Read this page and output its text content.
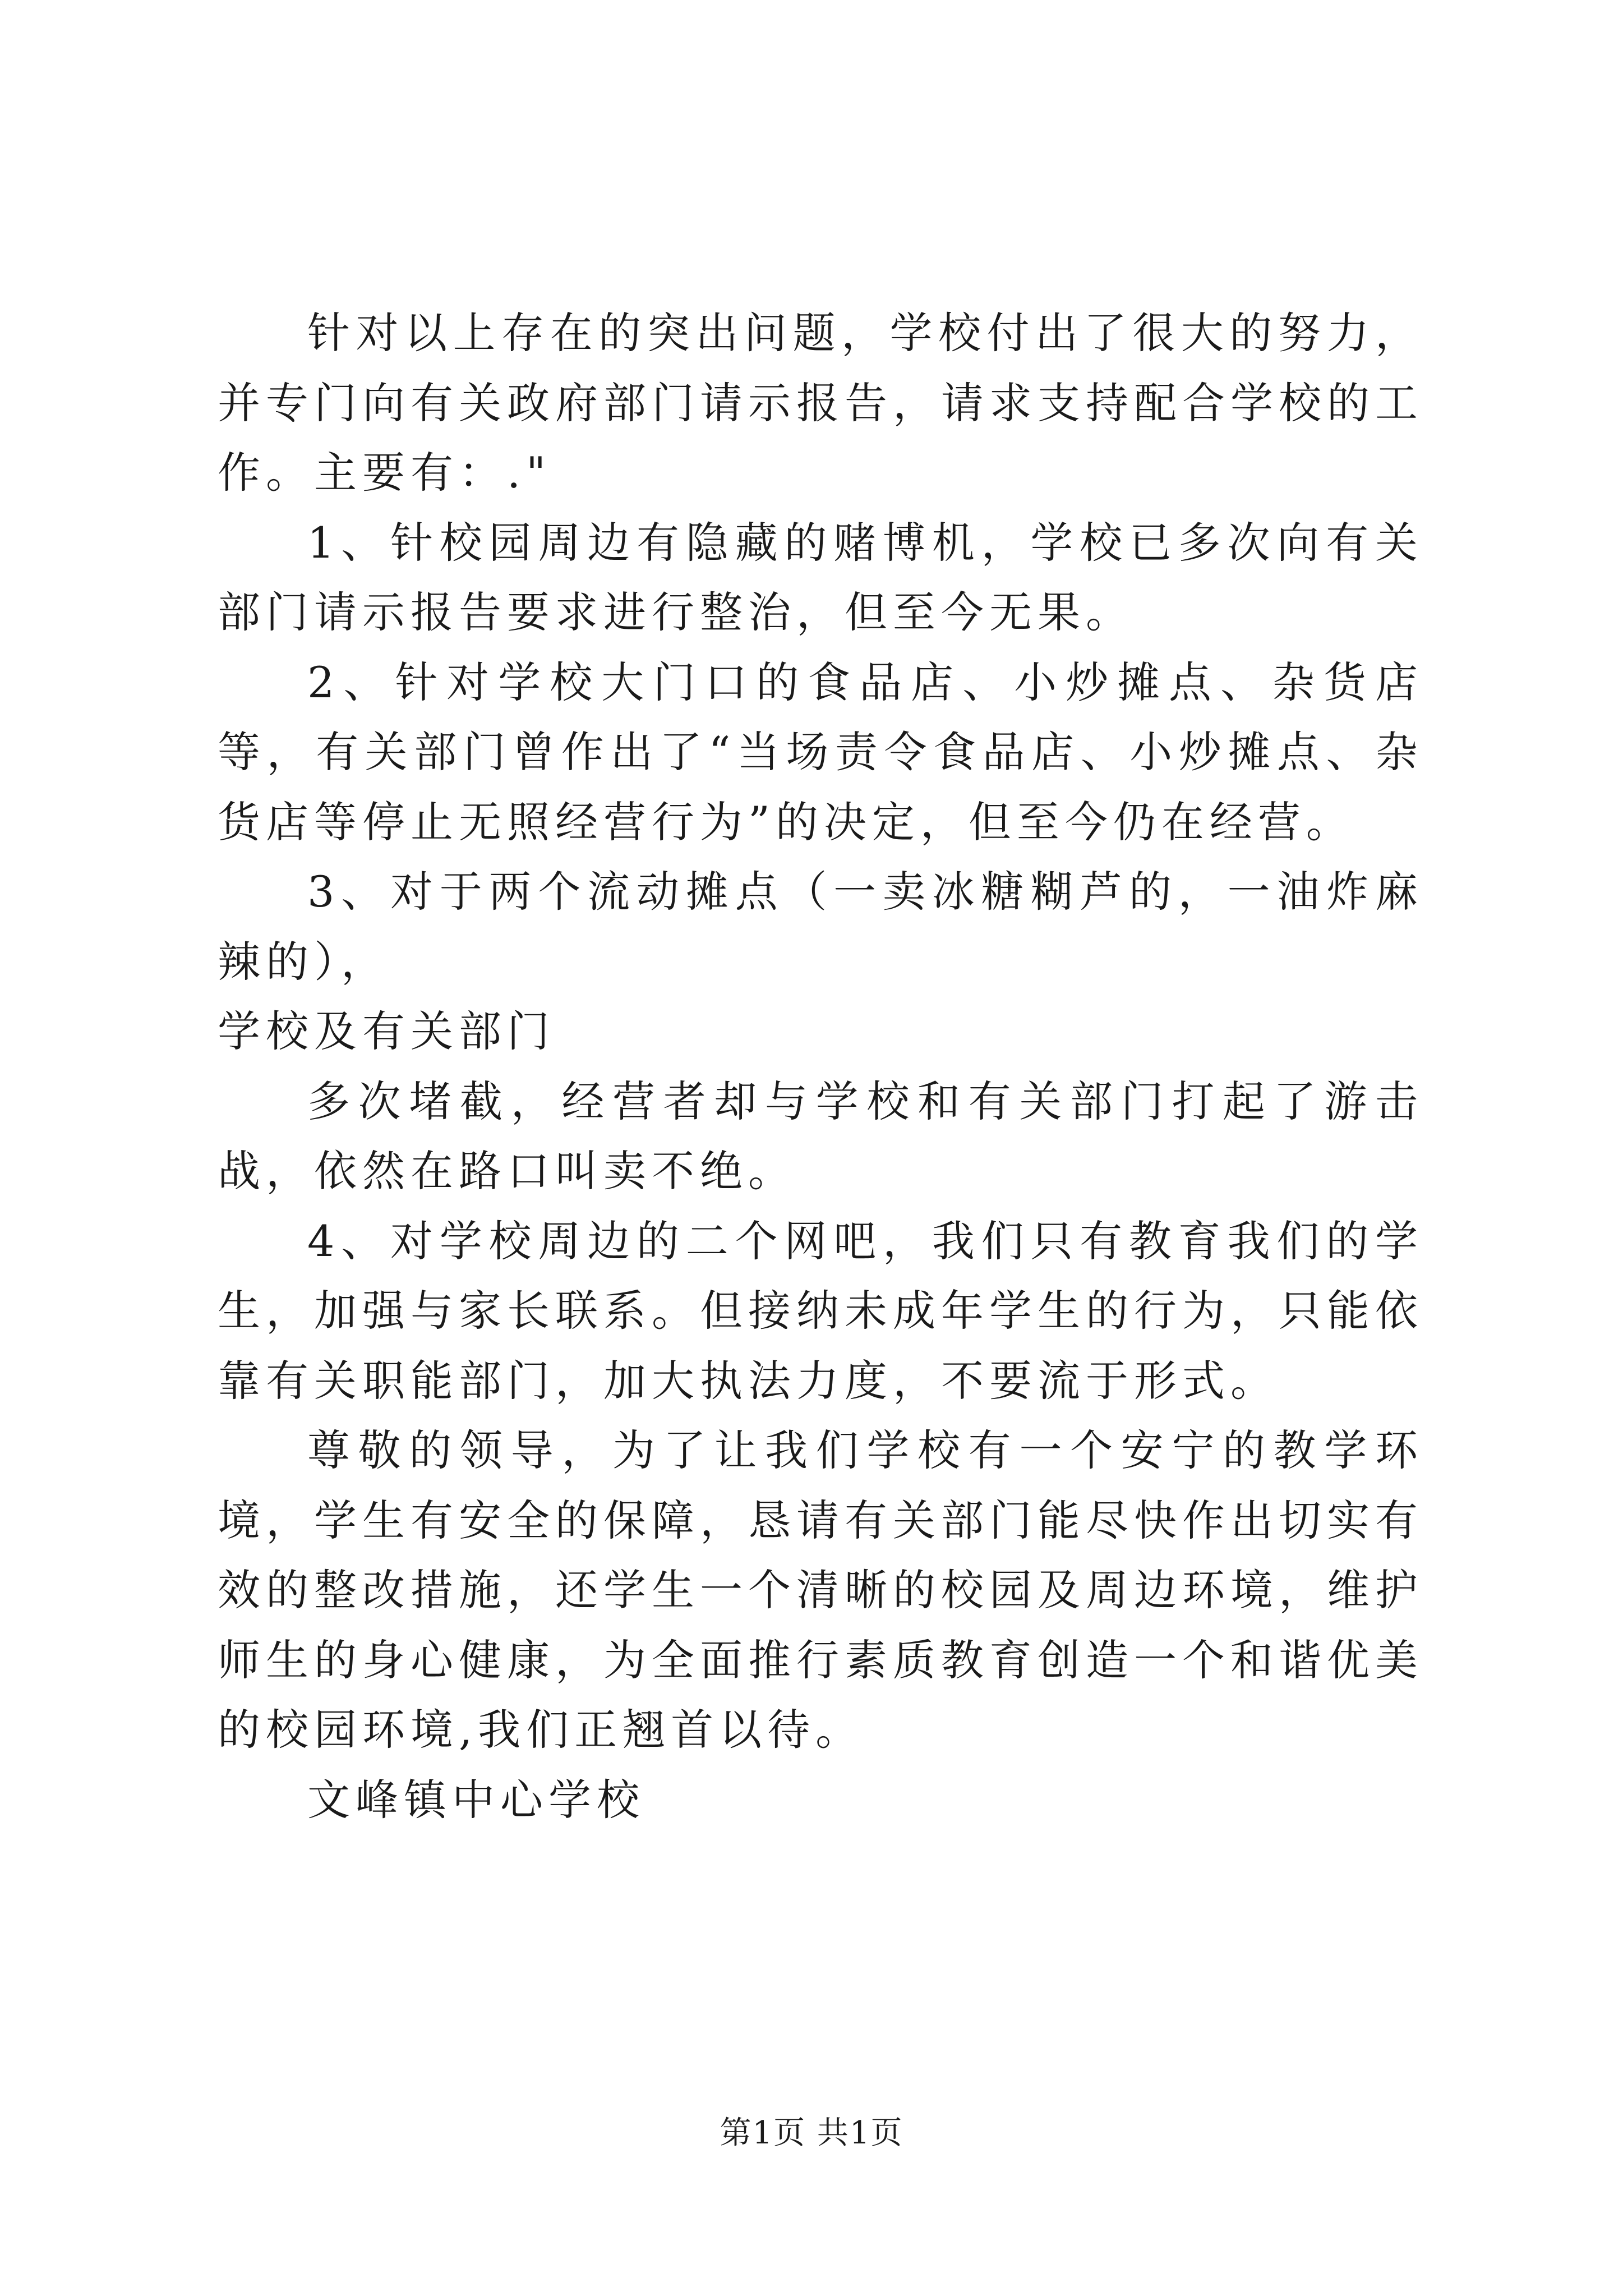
针对以上存在的突出问题，学校付出了很大的努力，并专门向有关政府部门请示报告，请求支持配合学校的工作。主要有：."

1、针校园周边有隐藏的赌博机，学校已多次向有关部门请示报告要求进行整治，但至今无果。

2、针对学校大门口的食品店、小炒摊点、杂货店等，有关部门曾作出了“当场责令食品店、小炒摊点、杂货店等停止无照经营行为”的决定，但至今仍在经营。

3、对于两个流动摊点（一卖冰糖糊芦的，一油炸麻辣的），

学校及有关部门

多次堵截，经营者却与学校和有关部门打起了游击战，依然在路口叫卖不绝。

4、对学校周边的二个网吧，我们只有教育我们的学生，加强与家长联系。但接纳未成年学生的行为，只能依靠有关职能部门，加大执法力度，不要流于形式。

尊敬的领导，为了让我们学校有一个安宁的教学环境，学生有安全的保障，恳请有关部门能尽快作出切实有效的整改措施，还学生一个清晰的校园及周边环境，维护师生的身心健康，为全面推行素质教育创造一个和谐优美的校园环境,我们正翘首以待。

文峰镇中心学校

第1页 共1页
